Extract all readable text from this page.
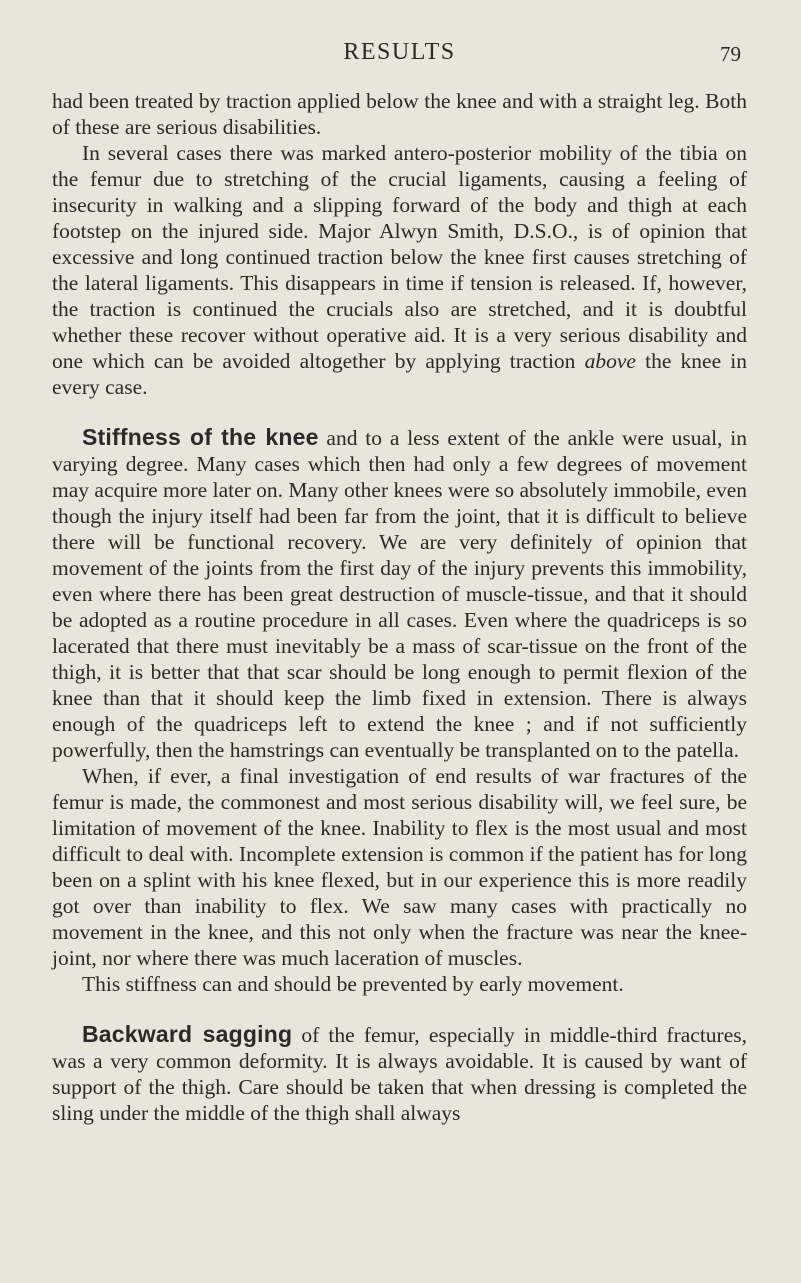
RESULTS	79

had been treated by traction applied below the knee and with a straight leg. Both of these are serious disabilities.

In several cases there was marked antero-posterior mobility of the tibia on the femur due to stretching of the crucial ligaments, causing a feeling of insecurity in walking and a slipping forward of the body and thigh at each footstep on the injured side. Major Alwyn Smith, D.S.O., is of opinion that excessive and long continued traction below the knee first causes stretching of the lateral ligaments. This disappears in time if tension is released. If, however, the traction is continued the crucials also are stretched, and it is doubtful whether these recover without operative aid. It is a very serious disability and one which can be avoided altogether by applying traction above the knee in every case.

Stiffness of the knee and to a less extent of the ankle were usual, in varying degree. Many cases which then had only a few degrees of movement may acquire more later on. Many other knees were so absolutely immobile, even though the injury itself had been far from the joint, that it is difficult to believe there will be functional recovery. We are very definitely of opinion that movement of the joints from the first day of the injury prevents this immobility, even where there has been great destruction of muscle-tissue, and that it should be adopted as a routine procedure in all cases. Even where the quadriceps is so lacerated that there must inevitably be a mass of scar-tissue on the front of the thigh, it is better that that scar should be long enough to permit flexion of the knee than that it should keep the limb fixed in extension. There is always enough of the quadriceps left to extend the knee ; and if not sufficiently powerfully, then the hamstrings can eventually be transplanted on to the patella.

When, if ever, a final investigation of end results of war fractures of the femur is made, the commonest and most serious disability will, we feel sure, be limitation of movement of the knee. Inability to flex is the most usual and most difficult to deal with. Incomplete extension is common if the patient has for long been on a splint with his knee flexed, but in our experience this is more readily got over than inability to flex. We saw many cases with practically no movement in the knee, and this not only when the fracture was near the knee-joint, nor where there was much laceration of muscles.

This stiffness can and should be prevented by early movement.

Backward sagging of the femur, especially in middle-third fractures, was a very common deformity. It is always avoidable. It is caused by want of support of the thigh. Care should be taken that when dressing is completed the sling under the middle of the thigh shall always
